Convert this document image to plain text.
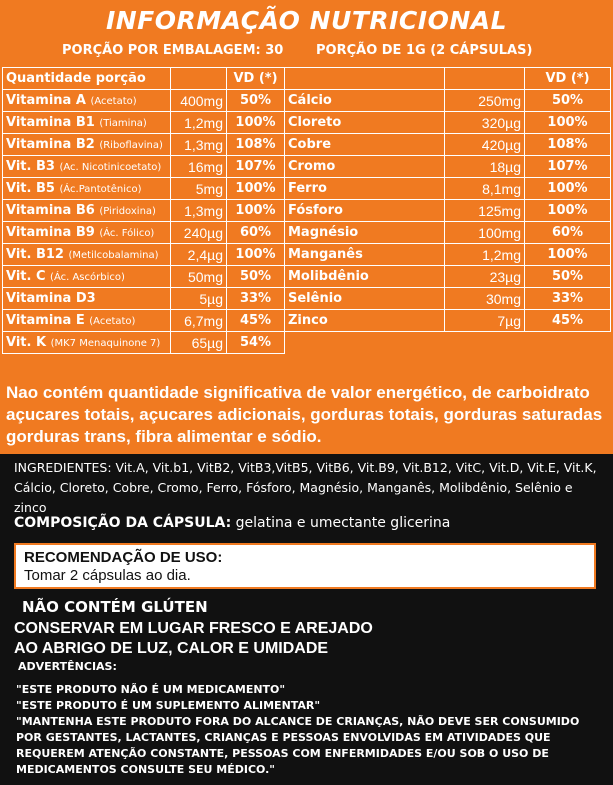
INFORMAÇÃO NUTRICIONAL
PORÇÃO POR EMBALAGEM: 30	PORÇÃO DE 1G (2 CÁPSULAS)
Quantidade porção		VD (*)			VD (*)
Vitamina A (Acetato)	400mg	50%	Cálcio	250mg	50%
Vitamina B1 (Tiamina)	1,2mg	100%	Cloreto	320µg	100%
Vitamina B2 (Riboflavina)	1,3mg	108%	Cobre	420µg	108%
Vit. B3 (Ac. Nicotinicoetato)	16mg	107%	Cromo	18µg	107%
Vit. B5 (Ác.Pantotênico)	5mg	100%	Ferro	8,1mg	100%
Vitamina B6 (Piridoxina)	1,3mg	100%	Fósforo	125mg	100%
Vitamina B9 (Ác. Fólico)	240µg	60%	Magnésio	100mg	60%
Vit. B12 (Metilcobalamina)	2,4µg	100%	Manganês	1,2mg	100%
Vit. C (Ác. Ascórbico)	50mg	50%	Molibdênio	23µg	50%
Vitamina D3	5µg	33%	Selênio	30mg	33%
Vitamina E (Acetato)	6,7mg	45%	Zinco	7µg	45%
Vit. K (MK7 Menaquinone 7)	65µg	54%			
Nao contém quantidade significativa de valor energético, de carboidrato açucares totais, açucares adicionais, gorduras totais, gorduras saturadas gorduras trans, fibra alimentar e sódio.
INGREDIENTES: Vit.A, Vit.b1, VitB2, VitB3,VitB5, VitB6, Vit.B9, Vit.B12, VitC, Vit.D, Vit.E, Vit.K, Cálcio, Cloreto, Cobre, Cromo, Ferro, Fósforo, Magnésio, Manganês, Molibdênio, Selênio e zinco
COMPOSIÇÃO DA CÁPSULA: gelatina e umectante glicerina
RECOMENDAÇÃO DE USO:
Tomar 2 cápsulas ao dia.
NÃO CONTÉM GLÚTEN
CONSERVAR EM LUGAR FRESCO E AREJADO
AO ABRIGO DE LUZ, CALOR E UMIDADE
ADVERTÊNCIAS:
"ESTE PRODUTO NÃO É UM MEDICAMENTO"
"ESTE PRODUTO É UM SUPLEMENTO ALIMENTAR"
"MANTENHA ESTE PRODUTO FORA DO ALCANCE DE CRIANÇAS, NÃO DEVE SER CONSUMIDO POR GESTANTES, LACTANTES, CRIANÇAS E PESSOAS ENVOLVIDAS EM ATIVIDADES QUE REQUEREM ATENÇÃO CONSTANTE, PESSOAS COM ENFERMIDADES E/OU SOB O USO DE MEDICAMENTOS CONSULTE SEU MÉDICO."
